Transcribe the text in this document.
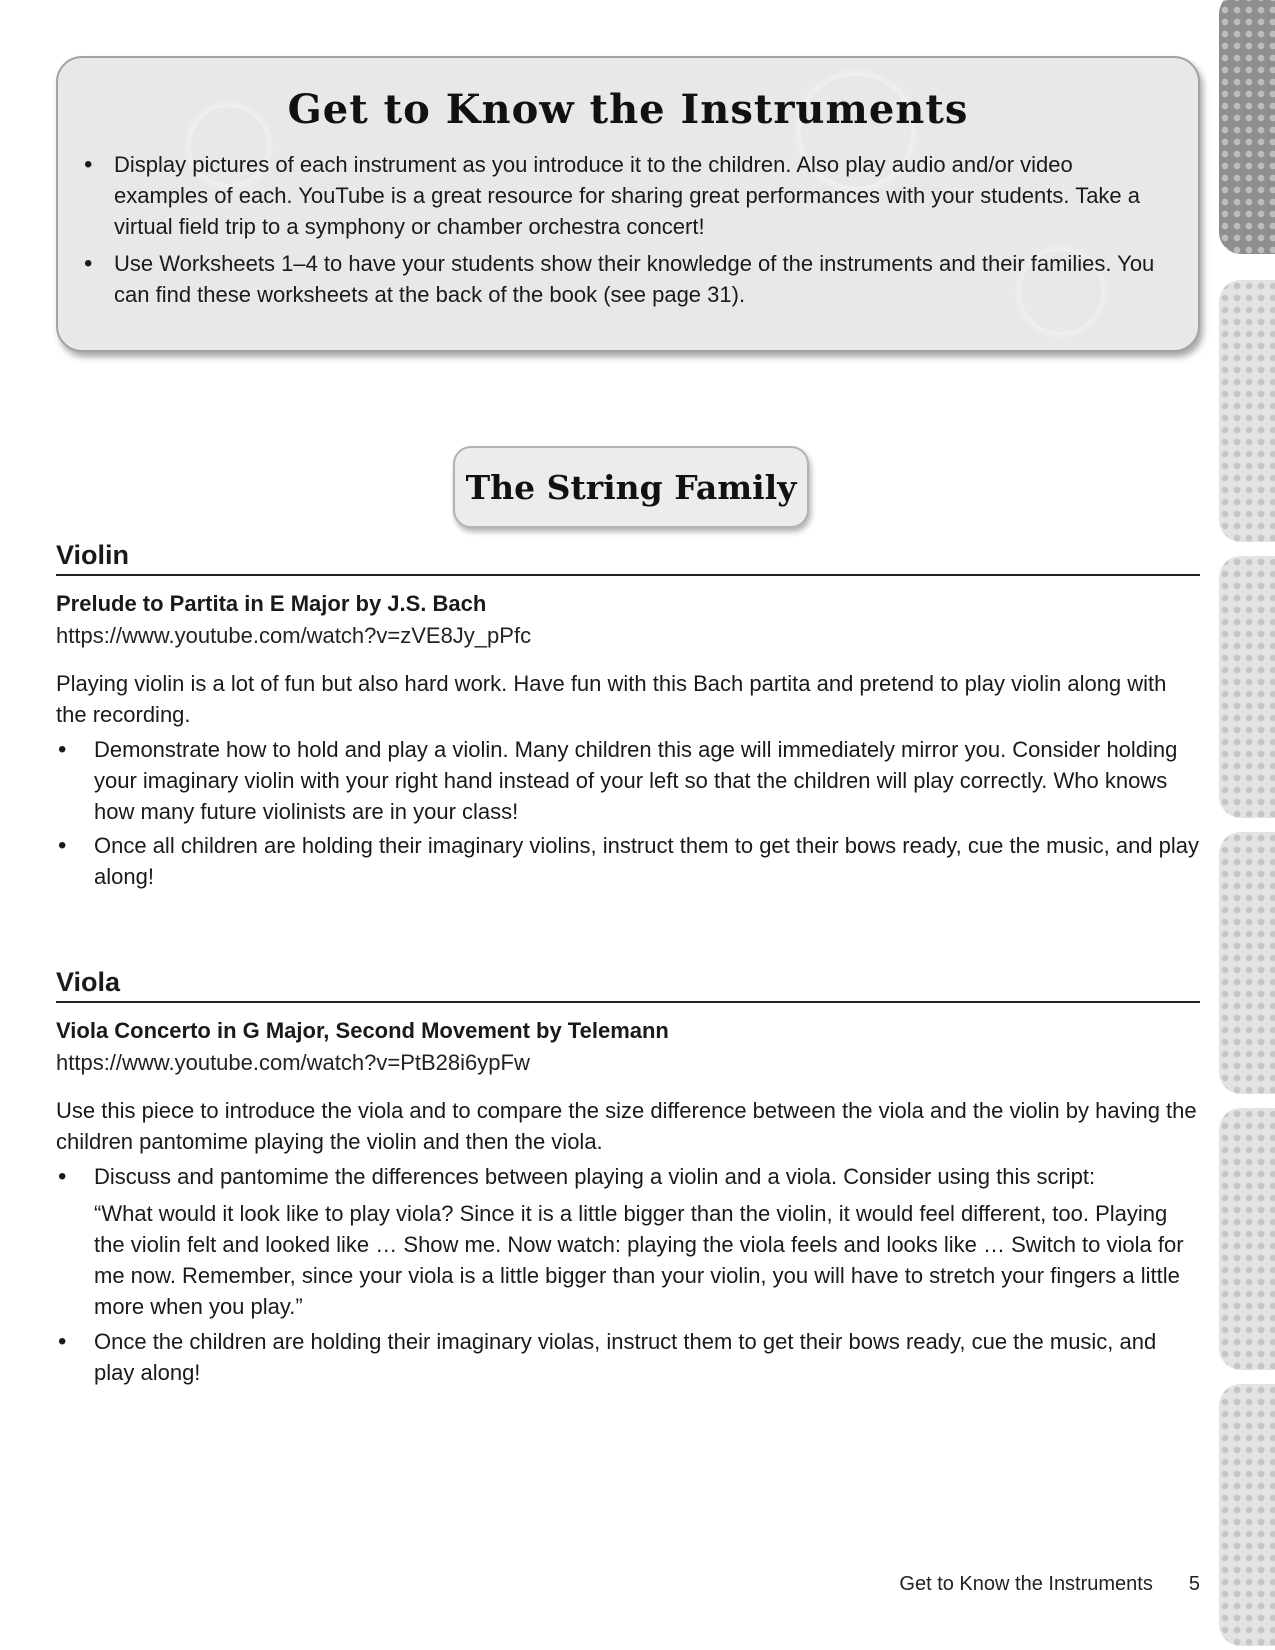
Get to Know the Instruments
• Display pictures of each instrument as you introduce it to the children. Also play audio and/or video examples of each. YouTube is a great resource for sharing great performances with your students. Take a virtual field trip to a symphony or chamber orchestra concert!
• Use Worksheets 1–4 to have your students show their knowledge of the instruments and their families. You can find these worksheets at the back of the book (see page 31).
The String Family
Violin

Prelude to Partita in E Major by J.S. Bach

https://www.youtube.com/watch?v=zVE8Jy_pPfc

Playing violin is a lot of fun but also hard work. Have fun with this Bach partita and pretend to play violin along with the recording.

• Demonstrate how to hold and play a violin. Many children this age will immediately mirror you. Consider holding your imaginary violin with your right hand instead of your left so that the children will play correctly. Who knows how many future violinists are in your class!
• Once all children are holding their imaginary violins, instruct them to get their bows ready, cue the music, and play along!
Viola

Viola Concerto in G Major, Second Movement by Telemann

https://www.youtube.com/watch?v=PtB28i6ypFw

Use this piece to introduce the viola and to compare the size difference between the viola and the violin by having the children pantomime playing the violin and then the viola.

• Discuss and pantomime the differences between playing a violin and a viola. Consider using this script:
“What would it look like to play viola? Since it is a little bigger than the violin, it would feel different, too. Playing the violin felt and looked like … Show me. Now watch: playing the viola feels and looks like … Switch to viola for me now. Remember, since your viola is a little bigger than your violin, you will have to stretch your fingers a little more when you play.”
• Once the children are holding their imaginary violas, instruct them to get their bows ready, cue the music, and play along!
Get to Know the Instruments 5
